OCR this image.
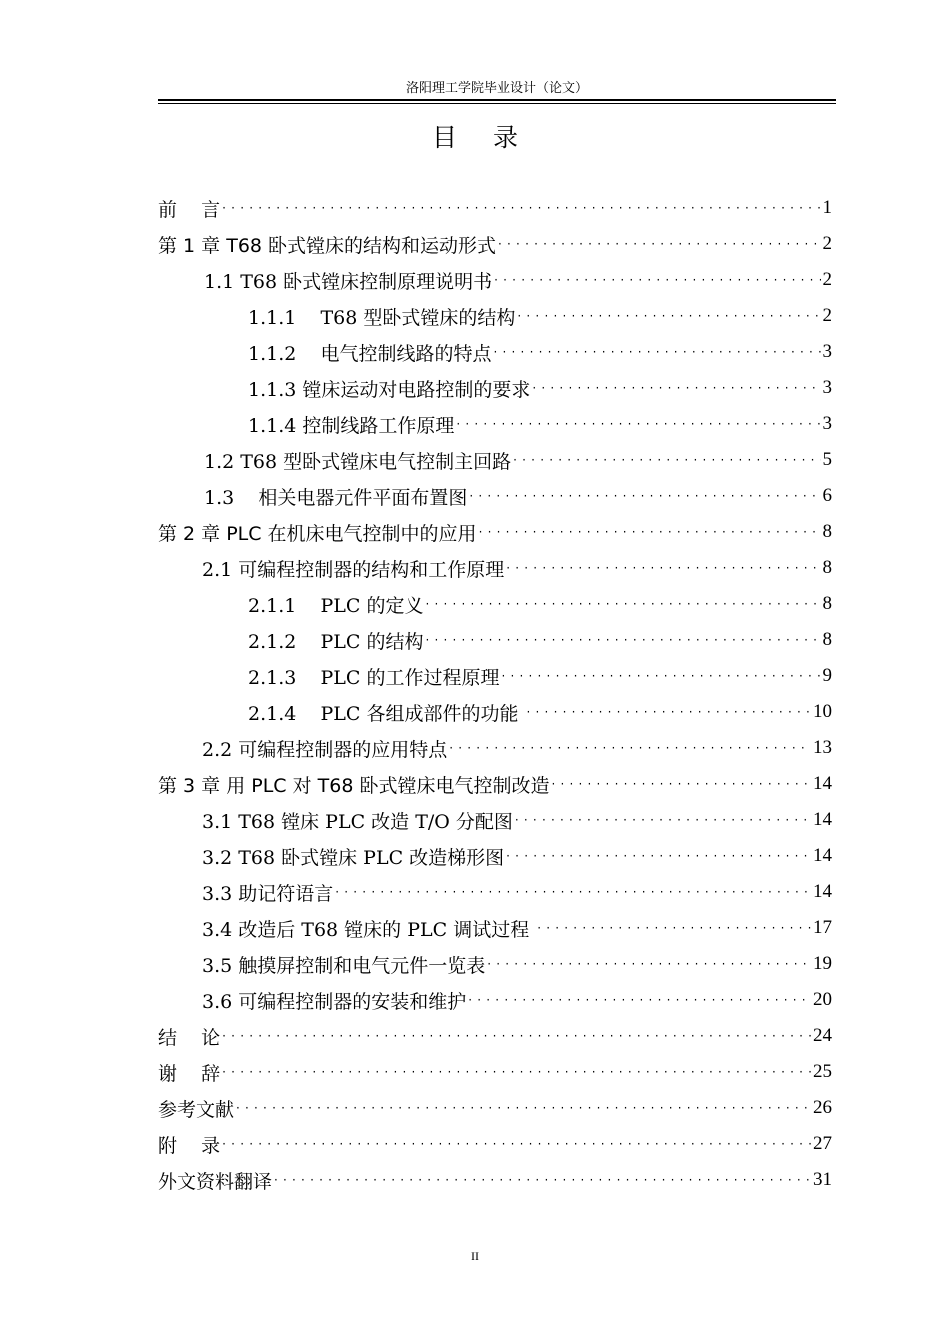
洛阳理工学院毕业设计（论文）
目 录
前    言 ·····	1
第 1 章 T68 卧式镗床的结构和运动形式 ·····	2
1.1 T68 卧式镗床控制原理说明书 ·····	2
1.1.1    T68 型卧式镗床的结构 ·····	2
1.1.2    电气控制线路的特点 ·····	3
1.1.3 镗床运动对电路控制的要求 ·····	3
1.1.4 控制线路工作原理 ·····	3
1.2 T68 型卧式镗床电气控制主回路 ·····	5
1.3    相关电器元件平面布置图 ·····	6
第 2 章 PLC 在机床电气控制中的应用 ·····	8
2.1 可编程控制器的结构和工作原理 ·····	8
2.1.1    PLC 的定义 ·····	8
2.1.2    PLC 的结构 ·····	8
2.1.3    PLC 的工作过程原理 ·····	9
2.1.4    PLC 各组成部件的功能 ·····	10
2.2 可编程控制器的应用特点 ·····	13
第 3 章 用 PLC 对 T68 卧式镗床电气控制改造 ·····	14
3.1 T68 镗床 PLC 改造 T/O 分配图 ·····	14
3.2 T68 卧式镗床 PLC 改造梯形图 ·····	14
3.3 助记符语言 ·····	14
3.4 改造后 T68 镗床的 PLC 调试过程 ·····	17
3.5 触摸屏控制和电气元件一览表 ·····	19
3.6 可编程控制器的安装和维护 ·····	20
结    论 ·····	24
谢    辞 ·····	25
参考文献 ·····	26
附    录 ·····	27
外文资料翻译 ·····	31
II
